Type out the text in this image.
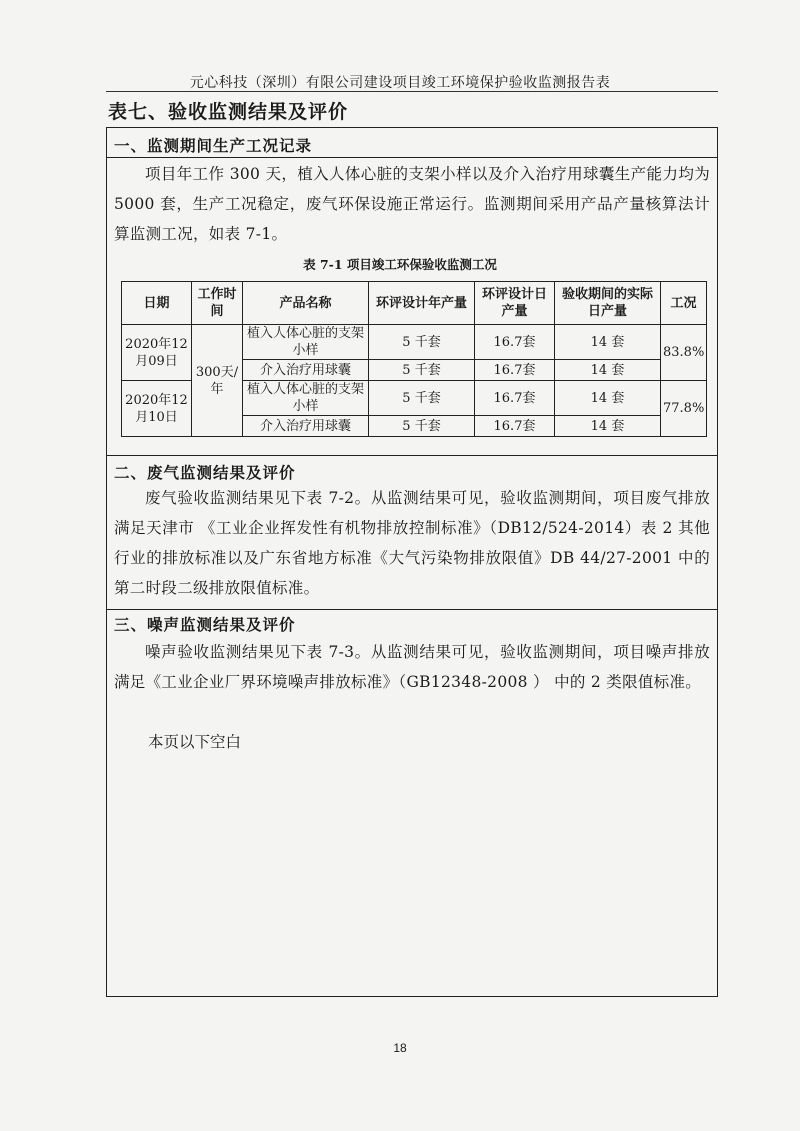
元心科技（深圳）有限公司建设项目竣工环境保护验收监测报告表
表七、验收监测结果及评价
一、监测期间生产工况记录

项目年工作 300 天，植入人体心脏的支架小样以及介入治疗用球囊生产能力均为 5000 套，生产工况稳定，废气环保设施正常运行。监测期间采用产品产量核算法计算监测工况，如表 7-1。

表 7-1 项目竣工环保验收监测工况
日期	工作时间	产品名称	环评设计年产量	环评设计日产量	验收期间的实际日产量	工况
2020年12月09日	300天/年	植入人体心脏的支架小样	5 千套	16.7套	14 套	83.8%
		介入治疗用球囊	5 千套	16.7套	14 套	
2020年12月10日		植入人体心脏的支架小样	5 千套	16.7套	14 套	77.8%
		介入治疗用球囊	5 千套	16.7套	14 套	
二、废气监测结果及评价

废气验收监测结果见下表 7-2。从监测结果可见，验收监测期间，项目废气排放满足天津市 《工业企业挥发性有机物排放控制标准》（DB12/524-2014）表 2 其他行业的排放标准以及广东省地方标准《大气污染物排放限值》DB 44/27-2001 中的第二时段二级排放限值标准。

三、噪声监测结果及评价

噪声验收监测结果见下表 7-3。从监测结果可见，验收监测期间，项目噪声排放满足《工业企业厂界环境噪声排放标准》（GB12348-2008 ） 中的 2 类限值标准。

本页以下空白
18
